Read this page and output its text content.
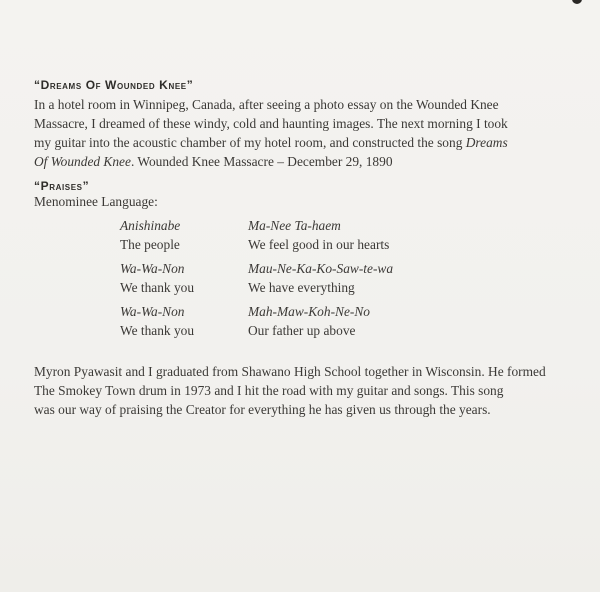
“Dreams Of Wounded Knee”
In a hotel room in Winnipeg, Canada, after seeing a photo essay on the Wounded Knee
Massacre, I dreamed of these windy, cold and haunting images. The next morning I took
my guitar into the acoustic chamber of my hotel room, and constructed the song Dreams
Of Wounded Knee. Wounded Knee Massacre – December 29, 1890
“Praises”
Menominee Language:
Anishinabe
The people
Ma-Nee Ta-haem
We feel good in our hearts
Wa-Wa-Non
We thank you
Mau-Ne-Ka-Ko-Saw-te-wa
We have everything
Wa-Wa-Non
We thank you
Mah-Maw-Koh-Ne-No
Our father up above
Myron Pyawasit and I graduated from Shawano High School together in Wisconsin. He formed
The Smokey Town drum in 1973 and I hit the road with my guitar and songs. This song
was our way of praising the Creator for everything he has given us through the years.
